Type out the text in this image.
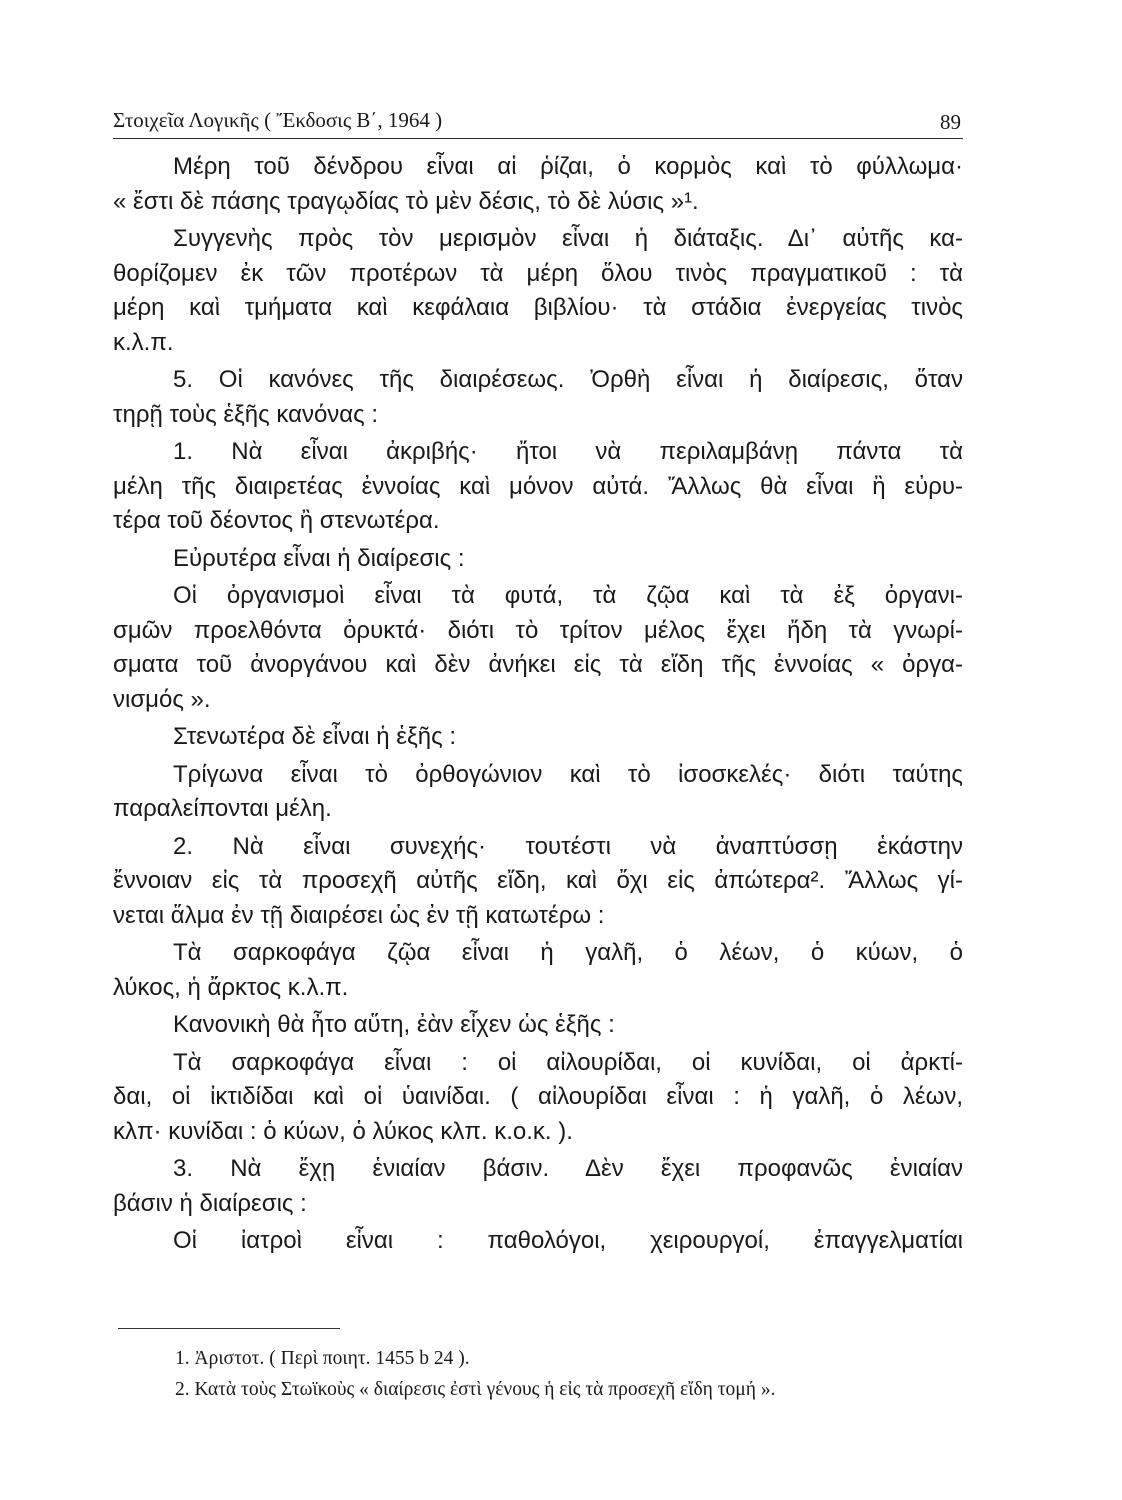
Στοιχεῖα Λογικῆς ( Ἔκδοσις Β΄, 1964 )	89
Μέρη τοῦ δένδρου εἶναι αἱ ῥίζαι, ὁ κορμὸς καὶ τὸ φύλλωμα·
« ἔστι δὲ πάσης τραγῳδίας τὸ μὲν δέσις, τὸ δὲ λύσις »¹.
Συγγενὴς πρὸς τὸν μερισμὸν εἶναι ἡ διάταξις. Δι᾽ αὐτῆς κα-
θορίζομεν ἐκ τῶν προτέρων τὰ μέρη ὅλου τινὸς πραγματικοῦ : τὰ
μέρη καὶ τμήματα καὶ κεφάλαια βιβλίου· τὰ στάδια ἐνεργείας τινὸς
κ.λ.π.
5. Οἱ κανόνες τῆς διαιρέσεως. Ὀρθὴ εἶναι ἡ διαίρεσις, ὅταν
τηρῇ τοὺς ἑξῆς κανόνας :
1. Νὰ εἶναι ἀκριβής· ἤτοι νὰ περιλαμβάνῃ πάντα τὰ
μέλη τῆς διαιρετέας ἐννοίας καὶ μόνον αὐτά. Ἄλλως θὰ εἶναι ἢ εὐρυ-
τέρα τοῦ δέοντος ἢ στενωτέρα.
Εὐρυτέρα εἶναι ἡ διαίρεσις :
Οἱ ὀργανισμοὶ εἶναι τὰ φυτά, τὰ ζῷα καὶ τὰ ἐξ ὀργανι-
σμῶν προελθόντα ὀρυκτά· διότι τὸ τρίτον μέλος ἔχει ἤδη τὰ γνωρί-
σματα τοῦ ἀνοργάνου καὶ δὲν ἀνήκει εἰς τὰ εἴδη τῆς ἐννοίας « ὀργα-
νισμός ».
Στενωτέρα δὲ εἶναι ἡ ἑξῆς :
Τρίγωνα εἶναι τὸ ὀρθογώνιον καὶ τὸ ἰσοσκελές· διότι ταύτης
παραλείπονται μέλη.
2. Νὰ εἶναι συνεχής· τουτέστι νὰ ἀναπτύσσῃ ἑκάστην
ἔννοιαν εἰς τὰ προσεχῆ αὐτῆς εἴδη, καὶ ὄχι εἰς ἀπώτερα². Ἄλλως γί-
νεται ἅλμα ἐν τῇ διαιρέσει ὡς ἐν τῇ κατωτέρω :
Τὰ σαρκοφάγα ζῷα εἶναι ἡ γαλῆ, ὁ λέων, ὁ κύων, ὁ
λύκος, ἡ ἄρκτος κ.λ.π.
Κανονικὴ θὰ ἦτο αὕτη, ἐὰν εἶχεν ὡς ἑξῆς :
Τὰ σαρκοφάγα εἶναι : οἱ αἰλουρίδαι, οἱ κυνίδαι, οἱ ἀρκτί-
δαι, οἱ ἰκτιδίδαι καὶ οἱ ὑαινίδαι. ( αἰλουρίδαι εἶναι : ἡ γαλῆ, ὁ λέων,
κλπ· κυνίδαι : ὁ κύων, ὁ λύκος κλπ. κ.ο.κ. ).
3. Νὰ ἔχῃ ἑνιαίαν βάσιν. Δὲν ἔχει προφανῶς ἑνιαίαν
βάσιν ἡ διαίρεσις :
Οἱ ἰατροὶ εἶναι : παθολόγοι, χειρουργοί, ἐπαγγελματίαι
1. Ἀριστοτ. ( Περὶ ποιητ. 1455 b 24 ).
2. Κατὰ τοὺς Στωϊκοὺς « διαίρεσις ἐστὶ γένους ἡ εἰς τὰ προσεχῆ εἴδη τομή ».
